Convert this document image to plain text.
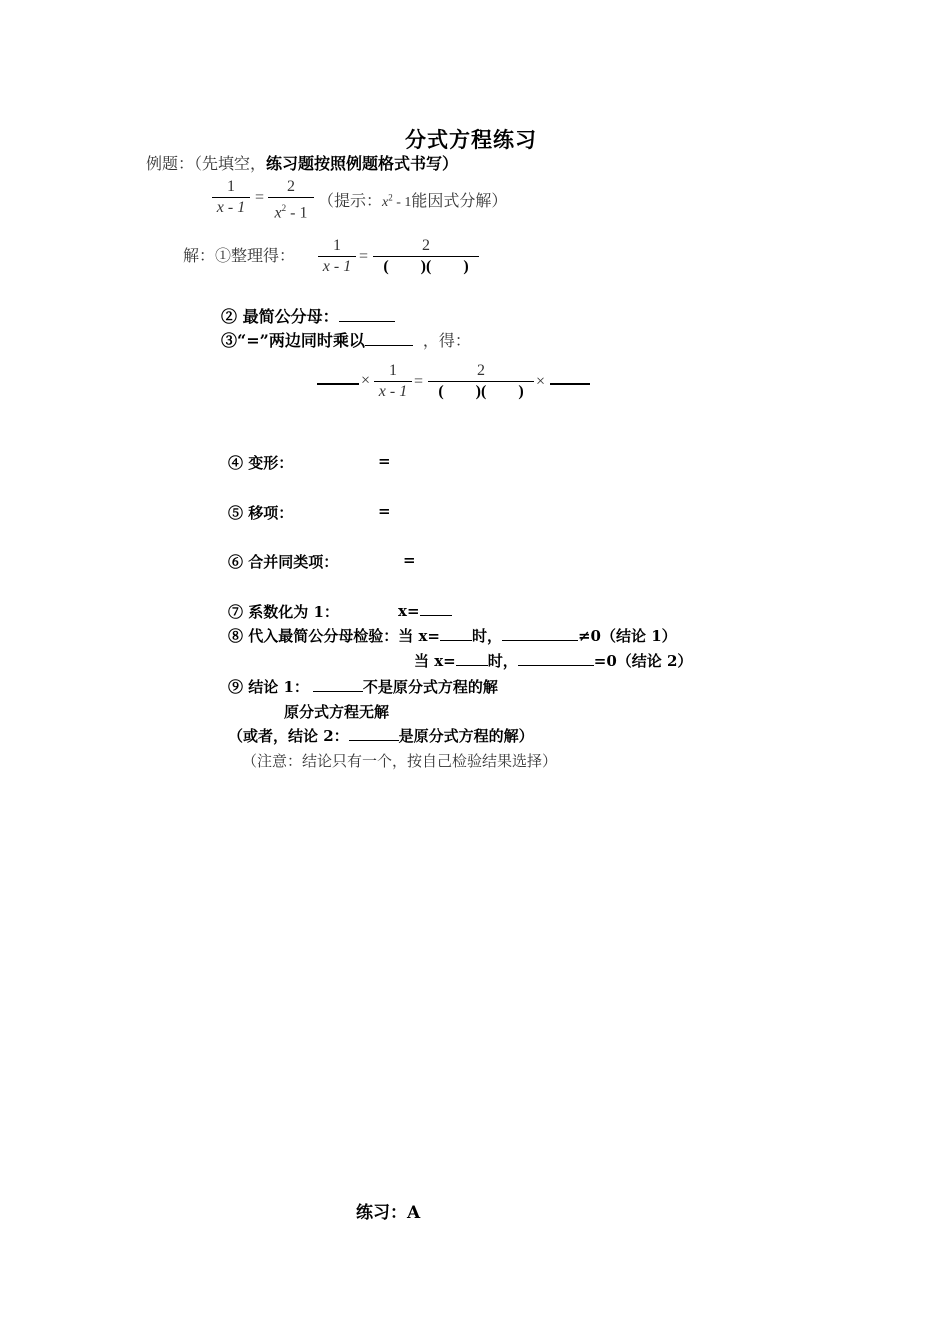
分式方程练习
例题：（先填空，练习题按照例题格式书写）
1
x - 1
=
2
$x^2 - 1$
（提示：$x^2 - 1$能因式分解）
解：①整理得：
1
x - 1
=
2
(        )(        )
② 最简公分母：
③“=”两边同时乘以	，得：
×
1
x - 1
=
2
(        )(        )
×
④ 变形：	=
⑤ 移项：	=
⑥ 合并同类项：	=
⑦ 系数化为 1：	x=
⑧ 代入最简公分母检验：当 x= 时，	≠0（结论 1）
当 x= 时，	=0（结论 2）
⑨ 结论 1：	不是原分式方程的解
原分式方程无解
（或者，结论 2：	是原分式方程的解）
（注意：结论只有一个，按自己检验结果选择）
练习：A
